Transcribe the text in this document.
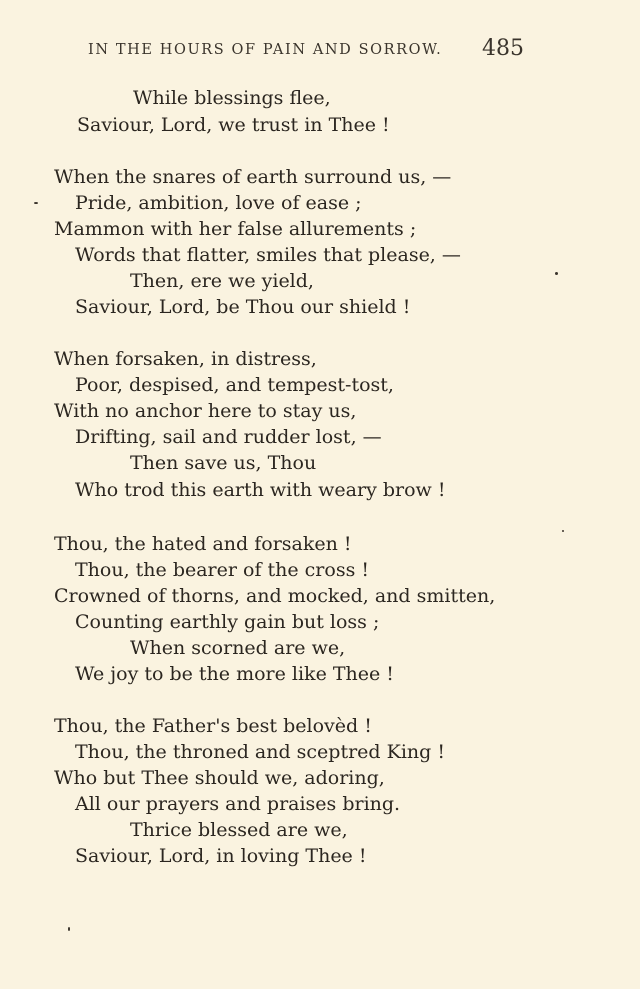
IN THE HOURS OF PAIN AND SORROW. 485
While blessings flee,
Saviour, Lord, we trust in Thee !
When the snares of earth surround us, —
Pride, ambition, love of ease ;
Mammon with her false allurements ;
Words that flatter, smiles that please, —
Then, ere we yield,
Saviour, Lord, be Thou our shield !
When forsaken, in distress,
Poor, despised, and tempest-tost,
With no anchor here to stay us,
Drifting, sail and rudder lost, —
Then save us, Thou
Who trod this earth with weary brow !
Thou, the hated and forsaken !
Thou, the bearer of the cross !
Crowned of thorns, and mocked, and smitten,
Counting earthly gain but loss ;
When scorned are we,
We joy to be the more like Thee !
Thou, the Father's best belovèd !
Thou, the throned and sceptred King !
Who but Thee should we, adoring,
All our prayers and praises bring.
Thrice blessed are we,
Saviour, Lord, in loving Thee !
